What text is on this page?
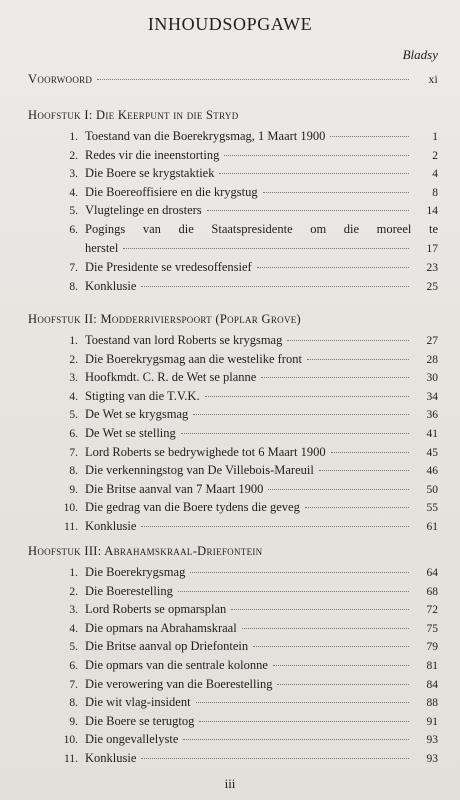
INHOUDSOPGAWE
Bladsy
Voorwoord	xi
Hoofstuk I: Die Keerpunt in die Stryd
1. Toestand van die Boerekrygsmag, 1 Maart 1900	1
2. Redes vir die ineenstorting	2
3. Die Boere se krygstaktiek	4
4. Die Boereoffisiere en die krygstug	8
5. Vlugtelinge en drosters	14
6. Pogings van die Staatspresidente om die moreel te
herstel	17
7. Die Presidente se vredesoffensief	23
8. Konklusie	25
Hoofstuk II: Modderrivierspoort (Poplar Grove)
1. Toestand van lord Roberts se krygsmag	27
2. Die Boerekrygsmag aan die westelike front	28
3. Hoofkmdt. C. R. de Wet se planne	30
4. Stigting van die T.V.K.	34
5. De Wet se krygsmag	36
6. De Wet se stelling	41
7. Lord Roberts se bedrywighede tot 6 Maart 1900	45
8. Die verkenningstog van De Villebois-Mareuil	46
9. Die Britse aanval van 7 Maart 1900	50
10. Die gedrag van die Boere tydens die geveg	55
11. Konklusie	61
Hoofstuk III: Abrahamskraal-Driefontein
1. Die Boerekrygsmag	64
2. Die Boerestelling	68
3. Lord Roberts se opmarsplan	72
4. Die opmars na Abrahamskraal	75
5. Die Britse aanval op Driefontein	79
6. Die opmars van die sentrale kolonne	81
7. Die verowering van die Boerestelling	84
8. Die wit vlag-insident	88
9. Die Boere se terugtog	91
10. Die ongevallelyste	93
11. Konklusie	93
iii
